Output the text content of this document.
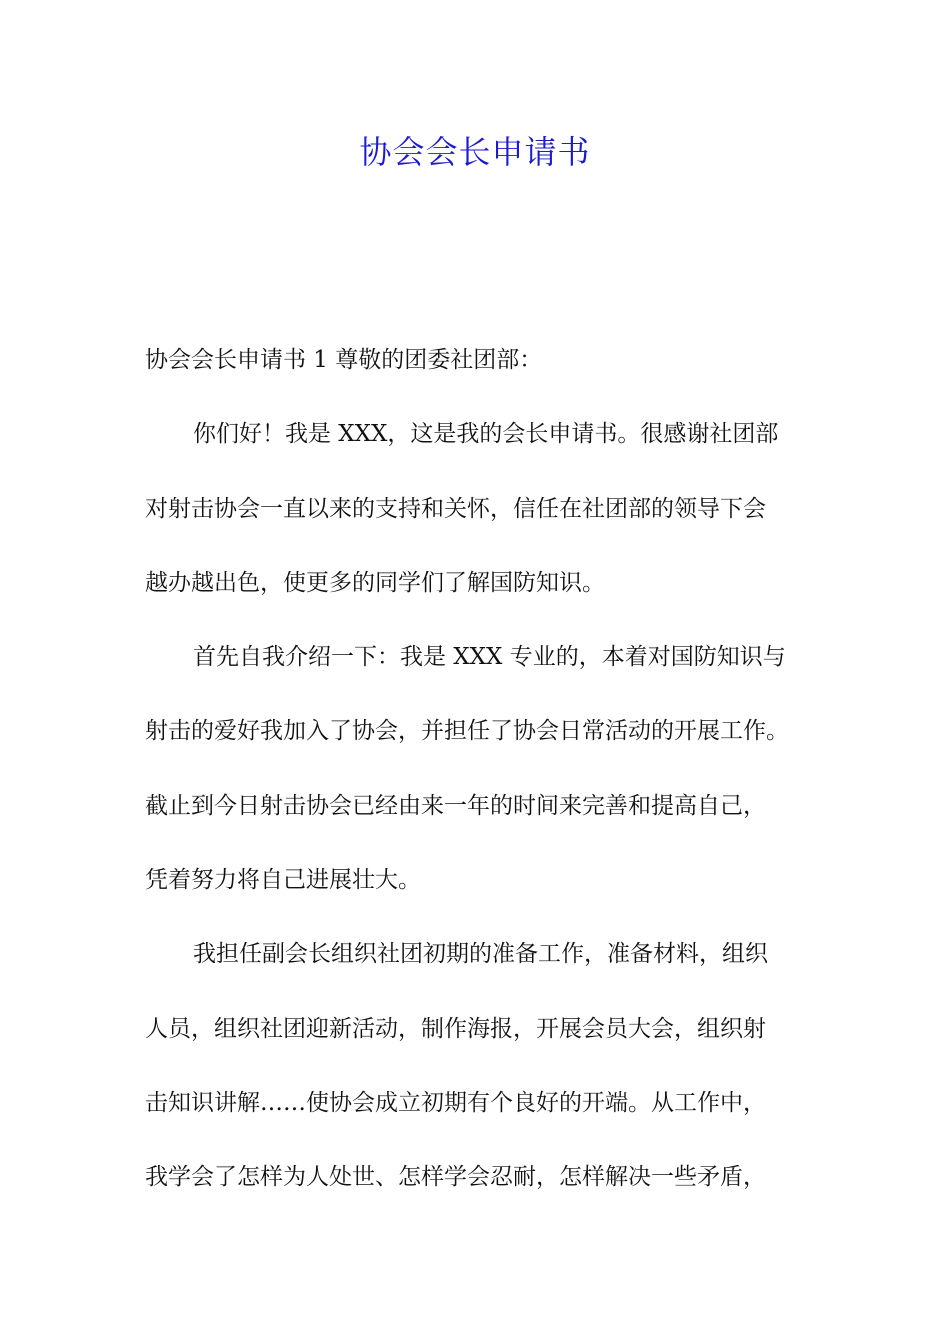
协会会长申请书
协会会长申请书 1 尊敬的团委社团部：
你们好！我是 XXX，这是我的会长申请书。很感谢社团部
对射击协会一直以来的支持和关怀，信任在社团部的领导下会
越办越出色，使更多的同学们了解国防知识。
首先自我介绍一下：我是 XXX 专业的，本着对国防知识与
射击的爱好我加入了协会，并担任了协会日常活动的开展工作。
截止到今日射击协会已经由来一年的时间来完善和提高自己，
凭着努力将自己进展壮大。
我担任副会长组织社团初期的准备工作，准备材料，组织
人员，组织社团迎新活动，制作海报，开展会员大会，组织射
击知识讲解……使协会成立初期有个良好的开端。从工作中，
我学会了怎样为人处世、怎样学会忍耐，怎样解决一些矛盾，
